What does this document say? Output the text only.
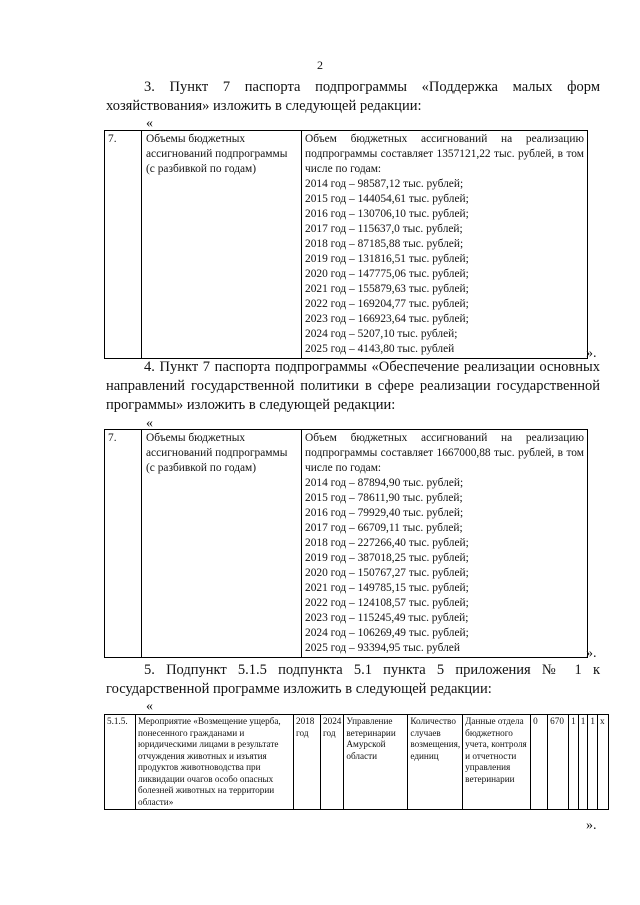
2
3. Пункт 7 паспорта подпрограммы «Поддержка малых форм хозяйствования» изложить в следующей редакции:
«
7.	Объемы бюджетных ассигнований подпрограммы (с разбивкой по годам)	
Объем бюджетных ассигнований на реализацию подпрограммы составляет 1357121,22 тыс. рублей, в том числе по годам:
2014 год – 98587,12 тыс. рублей;
2015 год – 144054,61 тыс. рублей;
2016 год – 130706,10 тыс. рублей;
2017 год – 115637,0 тыс. рублей;
2018 год – 87185,88 тыс. рублей;
2019 год – 131816,51 тыс. рублей;
2020 год – 147775,06 тыс. рублей;
2021 год – 155879,63 тыс. рублей;
2022 год – 169204,77 тыс. рублей;
2023 год – 166923,64 тыс. рублей;
2024 год – 5207,10 тыс. рублей;
2025 год – 4143,80 тыс. рублей	».
4. Пункт 7 паспорта подпрограммы «Обеспечение реализации основных направлений государственной политики в сфере реализации государственной программы» изложить в следующей редакции:
«
7.	Объемы бюджетных ассигнований подпрограммы (с разбивкой по годам)	
Объем бюджетных ассигнований на реализацию подпрограммы составляет 1667000,88 тыс. рублей, в том числе по годам:
2014 год – 87894,90 тыс. рублей;
2015 год – 78611,90 тыс. рублей;
2016 год – 79929,40 тыс. рублей;
2017 год – 66709,11 тыс. рублей;
2018 год – 227266,40 тыс. рублей;
2019 год – 387018,25 тыс. рублей;
2020 год – 150767,27 тыс. рублей;
2021 год – 149785,15 тыс. рублей;
2022 год – 124108,57 тыс. рублей;
2023 год – 115245,49 тыс. рублей;
2024 год – 106269,49 тыс. рублей;
2025 год – 93394,95 тыс. рублей	».
5. Подпункт 5.1.5 подпункта 5.1 пункта 5 приложения № 1 к государственной программе изложить в следующей редакции:
«
5.1.5.	Мероприятие «Возмещение ущерба, понесенного гражданами и юридическими лицами в результате отчуждения животных и изъятия продуктов животноводства при ликвидации очагов особо опасных болезней животных на территории области»	2018 год	2024 год	Управление ветеринарии Амурской области	Количество случаев возмещения, единиц	Данные отдела бюджетного учета, контроля и отчетности управления ветеринарии	0	670	1	1	1	х
».
